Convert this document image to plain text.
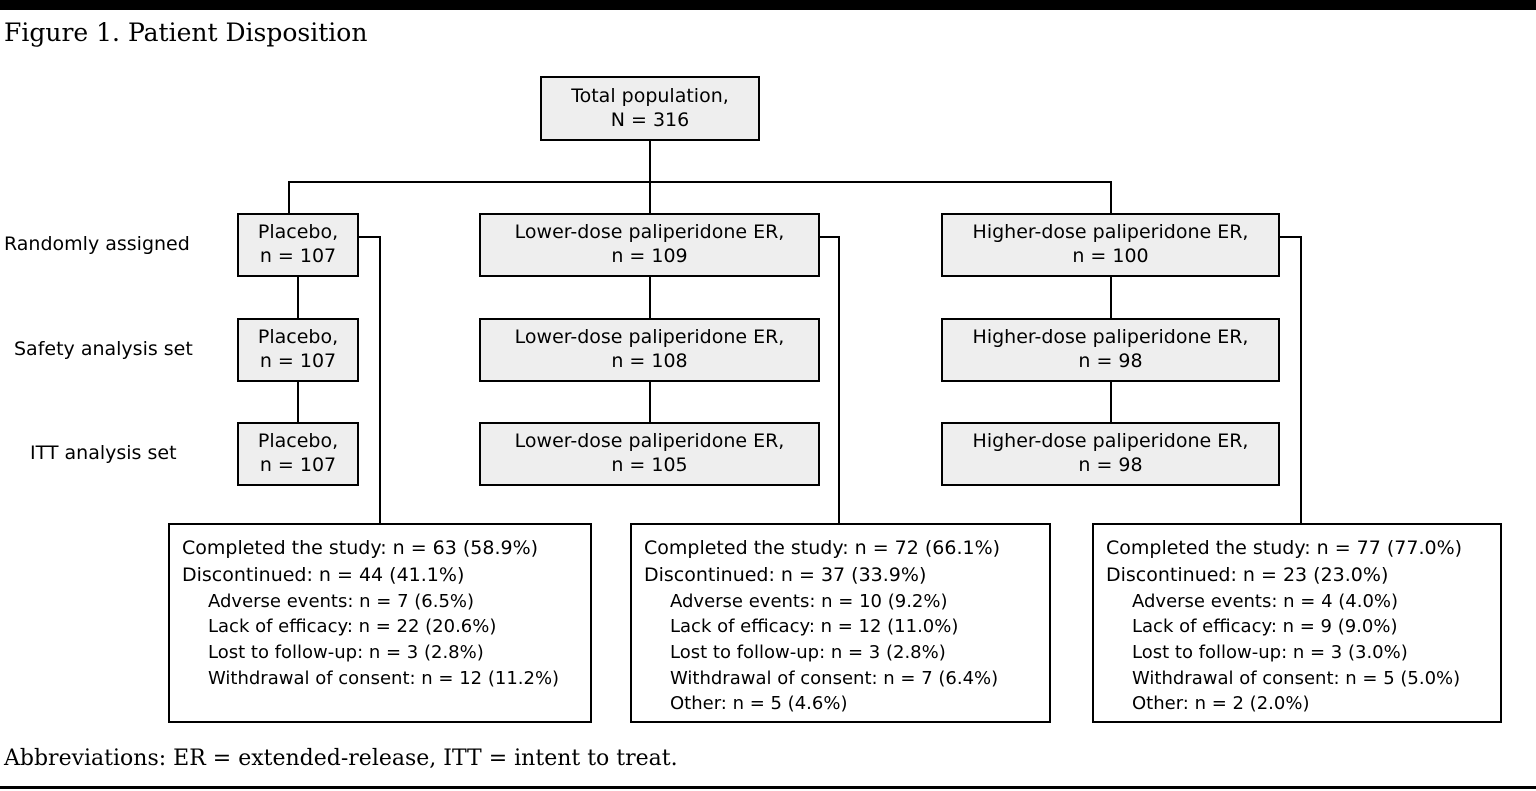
Figure 1. Patient Disposition
Randomly assigned
Safety analysis set
ITT analysis set
Total population,
N = 316
Placebo,
n = 107
Placebo,
n = 107
Placebo,
n = 107
Completed the study: n = 63 (58.9%)
Discontinued: n = 44 (41.1%)
Adverse events: n = 7 (6.5%)
Lack of efficacy: n = 22 (20.6%)
Lost to follow-up: n = 3 (2.8%)
Withdrawal of consent: n = 12 (11.2%)
Lower-dose paliperidone ER,
n = 109
Lower-dose paliperidone ER,
n = 108
Lower-dose paliperidone ER,
n = 105
Completed the study: n = 72 (66.1%)
Discontinued: n = 37 (33.9%)
Adverse events: n = 10 (9.2%)
Lack of efficacy: n = 12 (11.0%)
Lost to follow-up: n = 3 (2.8%)
Withdrawal of consent: n = 7 (6.4%)
Other: n = 5 (4.6%)
Higher-dose paliperidone ER,
n = 100
Higher-dose paliperidone ER,
n = 98
Higher-dose paliperidone ER,
n = 98
Completed the study: n = 77 (77.0%)
Discontinued: n = 23 (23.0%)
Adverse events: n = 4 (4.0%)
Lack of efficacy: n = 9 (9.0%)
Lost to follow-up: n = 3 (3.0%)
Withdrawal of consent: n = 5 (5.0%)
Other: n = 2 (2.0%)
Abbreviations: ER = extended-release, ITT = intent to treat.
